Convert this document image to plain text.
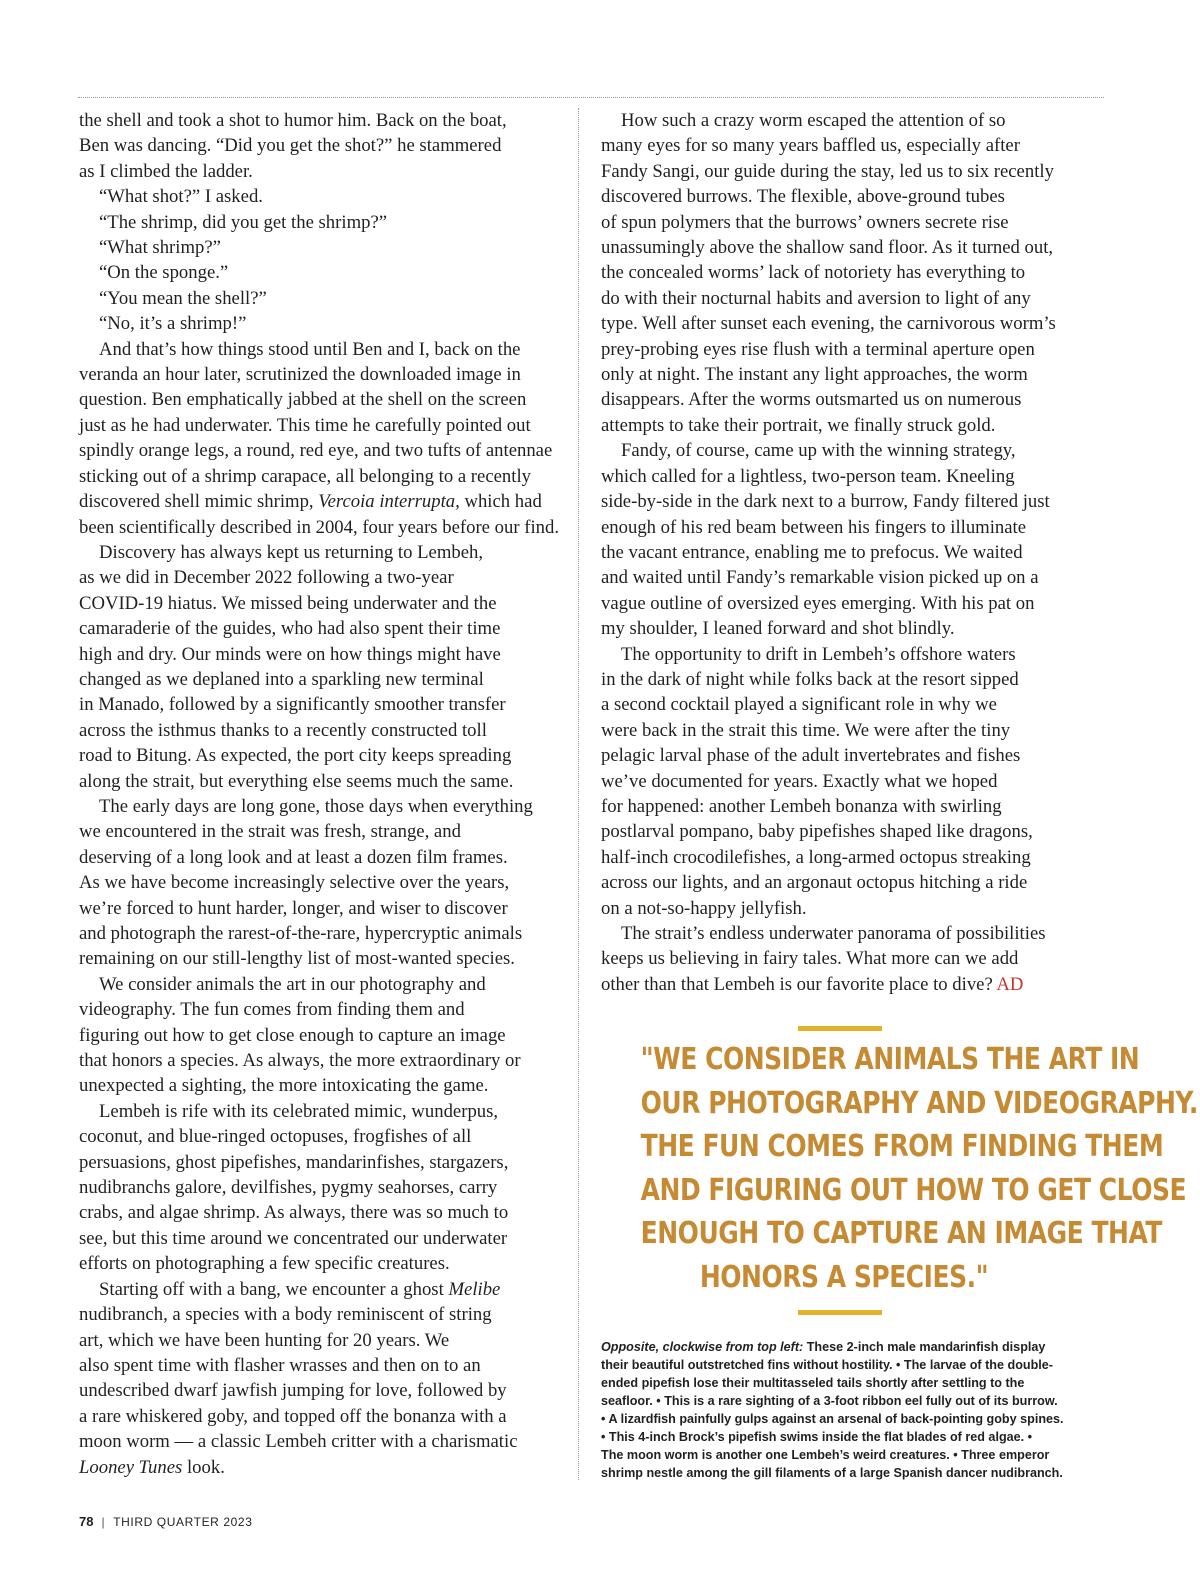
the shell and took a shot to humor him. Back on the boat,
Ben was dancing. “Did you get the shot?” he stammered
as I climbed the ladder.
“What shot?” I asked.
“The shrimp, did you get the shrimp?”
“What shrimp?”
“On the sponge.”
“You mean the shell?”
“No, it’s a shrimp!”
And that’s how things stood until Ben and I, back on the
veranda an hour later, scrutinized the downloaded image in
question. Ben emphatically jabbed at the shell on the screen
just as he had underwater. This time he carefully pointed out
spindly orange legs, a round, red eye, and two tufts of antennae
sticking out of a shrimp carapace, all belonging to a recently
discovered shell mimic shrimp, Vercoia interrupta, which had
been scientifically described in 2004, four years before our find.
Discovery has always kept us returning to Lembeh,
as we did in December 2022 following a two-year
COVID-19 hiatus. We missed being underwater and the
camaraderie of the guides, who had also spent their time
high and dry. Our minds were on how things might have
changed as we deplaned into a sparkling new terminal
in Manado, followed by a significantly smoother transfer
across the isthmus thanks to a recently constructed toll
road to Bitung. As expected, the port city keeps spreading
along the strait, but everything else seems much the same.
The early days are long gone, those days when everything
we encountered in the strait was fresh, strange, and
deserving of a long look and at least a dozen film frames.
As we have become increasingly selective over the years,
we’re forced to hunt harder, longer, and wiser to discover
and photograph the rarest-of-the-rare, hypercryptic animals
remaining on our still-lengthy list of most-wanted species.
We consider animals the art in our photography and
videography. The fun comes from finding them and
figuring out how to get close enough to capture an image
that honors a species. As always, the more extraordinary or
unexpected a sighting, the more intoxicating the game.
Lembeh is rife with its celebrated mimic, wunderpus,
coconut, and blue-ringed octopuses, frogfishes of all
persuasions, ghost pipefishes, mandarinfishes, stargazers,
nudibranchs galore, devilfishes, pygmy seahorses, carry
crabs, and algae shrimp. As always, there was so much to
see, but this time around we concentrated our underwater
efforts on photographing a few specific creatures.
Starting off with a bang, we encounter a ghost Melibe
nudibranch, a species with a body reminiscent of string
art, which we have been hunting for 20 years. We
also spent time with flasher wrasses and then on to an
undescribed dwarf jawfish jumping for love, followed by
a rare whiskered goby, and topped off the bonanza with a
moon worm — a classic Lembeh critter with a charismatic
Looney Tunes look.
How such a crazy worm escaped the attention of so
many eyes for so many years baffled us, especially after
Fandy Sangi, our guide during the stay, led us to six recently
discovered burrows. The flexible, above-ground tubes
of spun polymers that the burrows’ owners secrete rise
unassumingly above the shallow sand floor. As it turned out,
the concealed worms’ lack of notoriety has everything to
do with their nocturnal habits and aversion to light of any
type. Well after sunset each evening, the carnivorous worm’s
prey-probing eyes rise flush with a terminal aperture open
only at night. The instant any light approaches, the worm
disappears. After the worms outsmarted us on numerous
attempts to take their portrait, we finally struck gold.
Fandy, of course, came up with the winning strategy,
which called for a lightless, two-person team. Kneeling
side-by-side in the dark next to a burrow, Fandy filtered just
enough of his red beam between his fingers to illuminate
the vacant entrance, enabling me to prefocus. We waited
and waited until Fandy’s remarkable vision picked up on a
vague outline of oversized eyes emerging. With his pat on
my shoulder, I leaned forward and shot blindly.
The opportunity to drift in Lembeh’s offshore waters
in the dark of night while folks back at the resort sipped
a second cocktail played a significant role in why we
were back in the strait this time. We were after the tiny
pelagic larval phase of the adult invertebrates and fishes
we’ve documented for years. Exactly what we hoped
for happened: another Lembeh bonanza with swirling
postlarval pompano, baby pipefishes shaped like dragons,
half-inch crocodilefishes, a long-armed octopus streaking
across our lights, and an argonaut octopus hitching a ride
on a not-so-happy jellyfish.
The strait’s endless underwater panorama of possibilities
keeps us believing in fairy tales. What more can we add
other than that Lembeh is our favorite place to dive? AD
"WE CONSIDER ANIMALS THE ART IN
OUR PHOTOGRAPHY AND VIDEOGRAPHY.
THE FUN COMES FROM FINDING THEM
AND FIGURING OUT HOW TO GET CLOSE
ENOUGH TO CAPTURE AN IMAGE THAT
HONORS A SPECIES."
Opposite, clockwise from top left: These 2-inch male mandarinfish display
their beautiful outstretched fins without hostility. • The larvae of the double-
ended pipefish lose their multitasseled tails shortly after settling to the
seafloor. • This is a rare sighting of a 3-foot ribbon eel fully out of its burrow.
• A lizardfish painfully gulps against an arsenal of back-pointing goby spines.
• This 4-inch Brock’s pipefish swims inside the flat blades of red algae. •
The moon worm is another one Lembeh’s weird creatures. • Three emperor
shrimp nestle among the gill filaments of a large Spanish dancer nudibranch.
78 | THIRD QUARTER 2023
